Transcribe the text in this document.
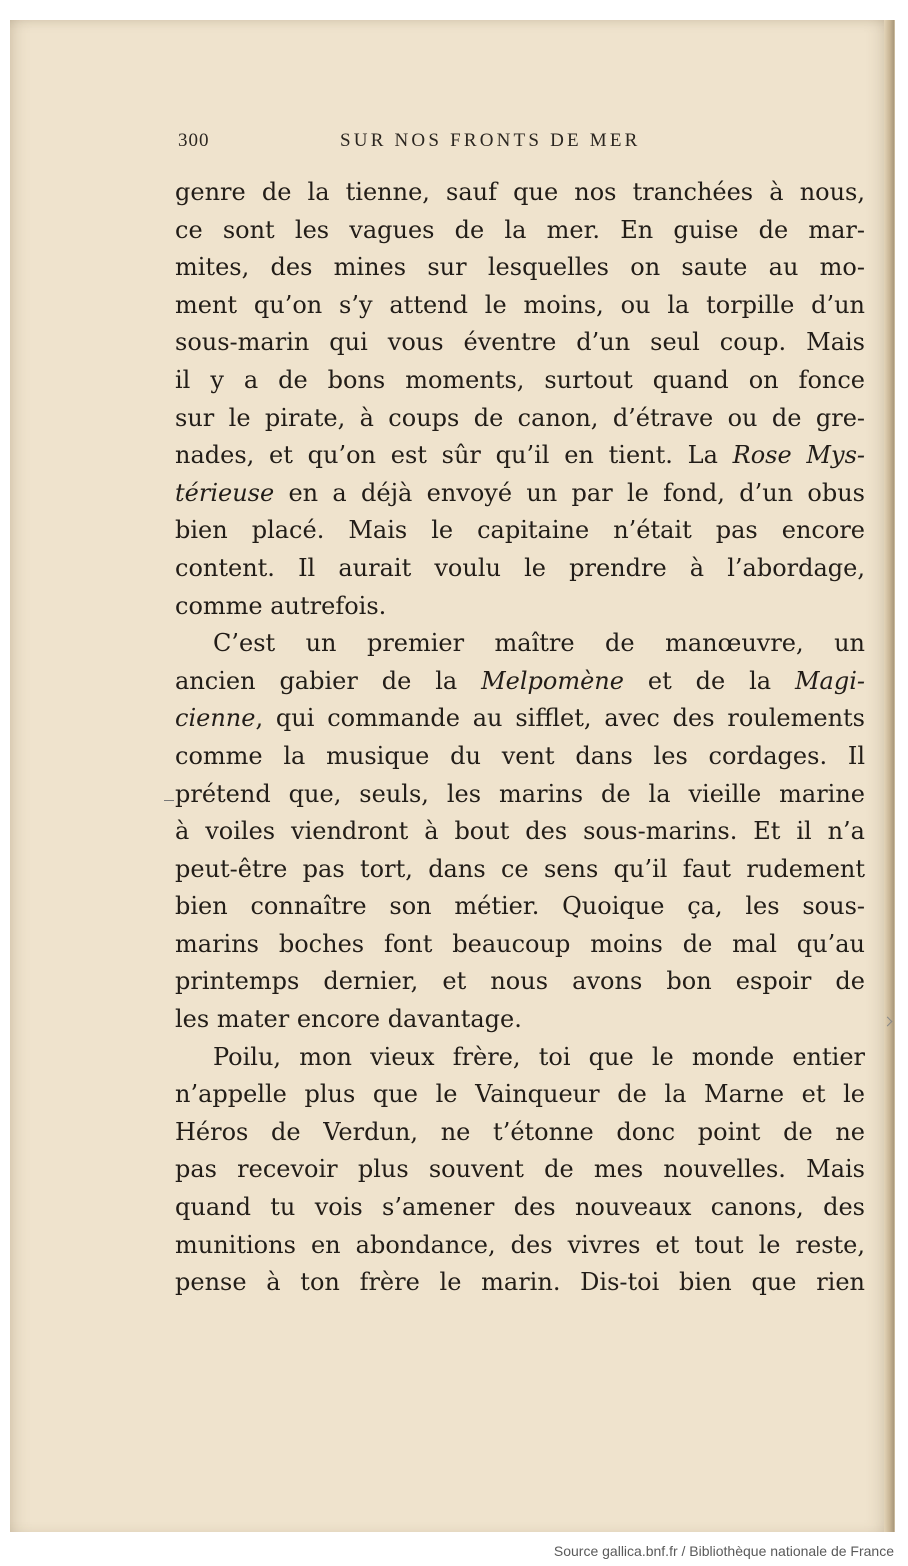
300	SUR NOS FRONTS DE MER
genre de la tienne, sauf que nos tranchées à nous,
ce sont les vagues de la mer. En guise de mar-
mites, des mines sur lesquelles on saute au mo-
ment qu’on s’y attend le moins, ou la torpille d’un
sous-marin qui vous éventre d’un seul coup. Mais
il y a de bons moments, surtout quand on fonce
sur le pirate, à coups de canon, d’étrave ou de gre-
nades, et qu’on est sûr qu’il en tient. La Rose Mys-
térieuse en a déjà envoyé un par le fond, d’un obus
bien placé. Mais le capitaine n’était pas encore
content. Il aurait voulu le prendre à l’abordage,
comme autrefois.
C’est un premier maître de manœuvre, un
ancien gabier de la Melpomène et de la Magi-
cienne, qui commande au sifflet, avec des roulements
comme la musique du vent dans les cordages. Il
prétend que, seuls, les marins de la vieille marine
à voiles viendront à bout des sous-marins. Et il n’a
peut-être pas tort, dans ce sens qu’il faut rudement
bien connaître son métier. Quoique ça, les sous-
marins boches font beaucoup moins de mal qu’au
printemps dernier, et nous avons bon espoir de
les mater encore davantage.
Poilu, mon vieux frère, toi que le monde entier
n’appelle plus que le Vainqueur de la Marne et le
Héros de Verdun, ne t’étonne donc point de ne
pas recevoir plus souvent de mes nouvelles. Mais
quand tu vois s’amener des nouveaux canons, des
munitions en abondance, des vivres et tout le reste,
pense à ton frère le marin. Dis-toi bien que rien
Source gallica.bnf.fr / Bibliothèque nationale de France
